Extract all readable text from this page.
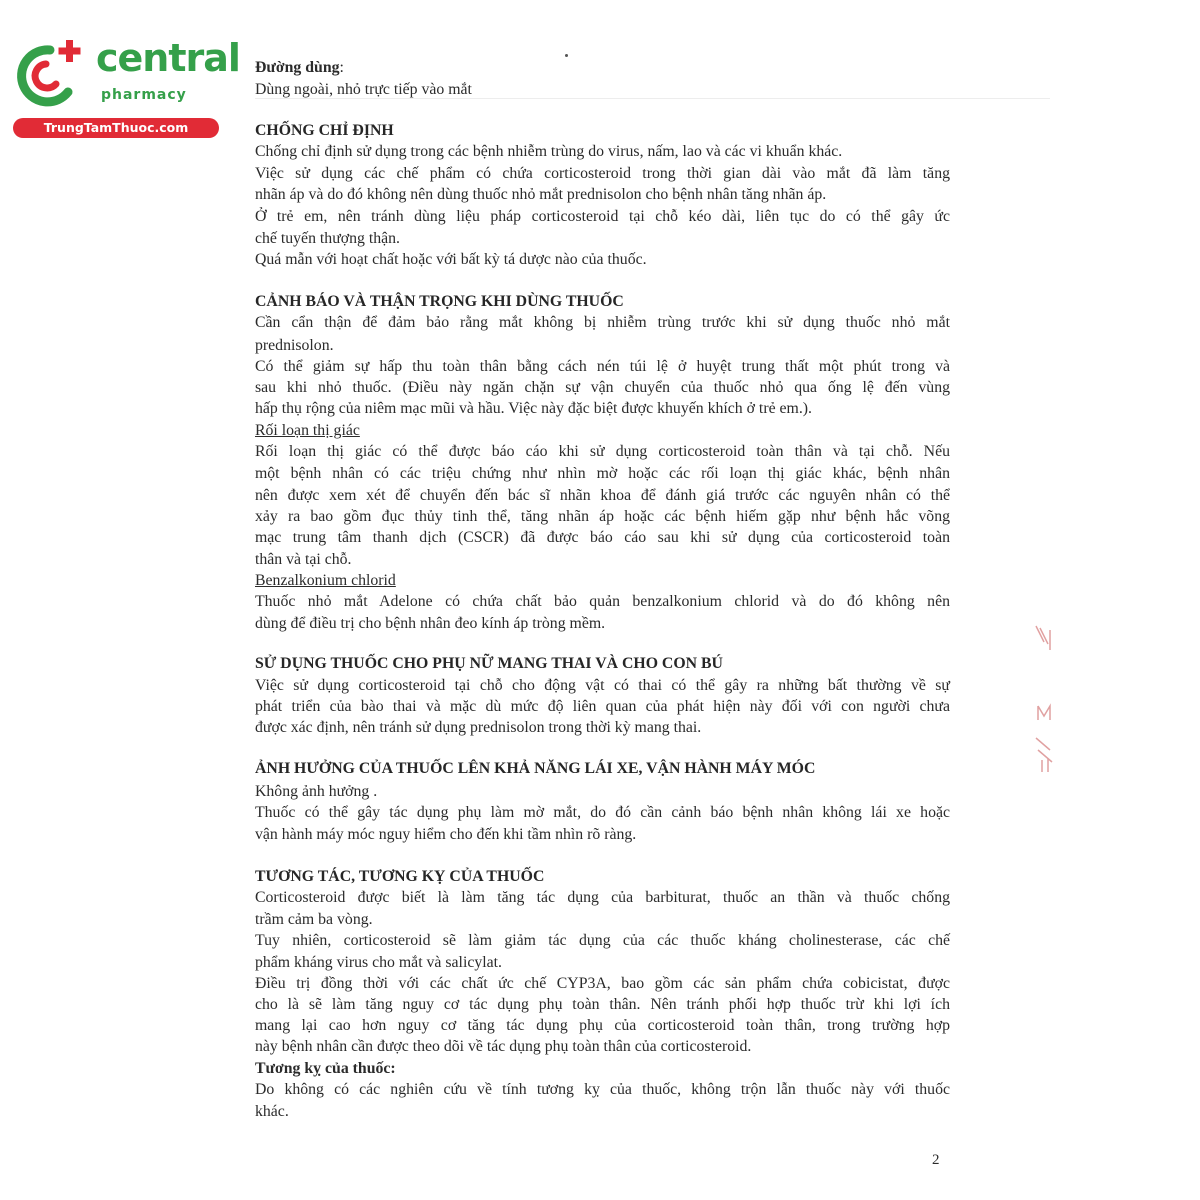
central
pharmacy
TrungTamThuoc.com
Đường dùng:
Dùng ngoài, nhỏ trực tiếp vào mắt
CHỐNG CHỈ ĐỊNH
Chống chỉ định sử dụng trong các bệnh nhiễm trùng do virus, nấm, lao và các vi khuẩn khác.
Việc sử dụng các chế phẩm có chứa corticosteroid trong thời gian dài vào mắt đã làm tăng
nhãn áp và do đó không nên dùng thuốc nhỏ mắt prednisolon cho bệnh nhân tăng nhãn áp.
Ở trẻ em, nên tránh dùng liệu pháp corticosteroid tại chỗ kéo dài, liên tục do có thể gây ức
chế tuyến thượng thận.
Quá mẫn với hoạt chất hoặc với bất kỳ tá dược nào của thuốc.
CẢNH BÁO VÀ THẬN TRỌNG KHI DÙNG THUỐC
Cần cẩn thận để đảm bảo rằng mắt không bị nhiễm trùng trước khi sử dụng thuốc nhỏ mắt
prednisolon.
Có thể giảm sự hấp thu toàn thân bằng cách nén túi lệ ở huyệt trung thất một phút trong và
sau khi nhỏ thuốc. (Điều này ngăn chặn sự vận chuyển của thuốc nhỏ qua ống lệ đến vùng
hấp thụ rộng của niêm mạc mũi và hầu. Việc này đặc biệt được khuyến khích ở trẻ em.).
Rối loạn thị giác
Rối loạn thị giác có thể được báo cáo khi sử dụng corticosteroid toàn thân và tại chỗ. Nếu
một bệnh nhân có các triệu chứng như nhìn mờ hoặc các rối loạn thị giác khác, bệnh nhân
nên được xem xét để chuyển đến bác sĩ nhãn khoa để đánh giá trước các nguyên nhân có thể
xảy ra bao gồm đục thủy tinh thể, tăng nhãn áp hoặc các bệnh hiếm gặp như bệnh hắc võng
mạc trung tâm thanh dịch (CSCR) đã được báo cáo sau khi sử dụng của corticosteroid toàn
thân và tại chỗ.
Benzalkonium chlorid
Thuốc nhỏ mắt Adelone có chứa chất bảo quản benzalkonium chlorid và do đó không nên
dùng để điều trị cho bệnh nhân đeo kính áp tròng mềm.
SỬ DỤNG THUỐC CHO PHỤ NỮ MANG THAI VÀ CHO CON BÚ
Việc sử dụng corticosteroid tại chỗ cho động vật có thai có thể gây ra những bất thường về sự
phát triển của bào thai và mặc dù mức độ liên quan của phát hiện này đối với con người chưa
được xác định, nên tránh sử dụng prednisolon trong thời kỳ mang thai.
ẢNH HƯỞNG CỦA THUỐC LÊN KHẢ NĂNG LÁI XE, VẬN HÀNH MÁY MÓC
Không ảnh hưởng .
Thuốc có thể gây tác dụng phụ làm mờ mắt, do đó cần cảnh báo bệnh nhân không lái xe hoặc
vận hành máy móc nguy hiểm cho đến khi tầm nhìn rõ ràng.
TƯƠNG TÁC, TƯƠNG KỴ CỦA THUỐC
Corticosteroid được biết là làm tăng tác dụng của barbiturat, thuốc an thần và thuốc chống
trầm cảm ba vòng.
Tuy nhiên, corticosteroid sẽ làm giảm tác dụng của các thuốc kháng cholinesterase, các chế
phẩm kháng virus cho mắt và salicylat.
Điều trị đồng thời với các chất ức chế CYP3A, bao gồm các sản phẩm chứa cobicistat, được
cho là sẽ làm tăng nguy cơ tác dụng phụ toàn thân. Nên tránh phối hợp thuốc trừ khi lợi ích
mang lại cao hơn nguy cơ tăng tác dụng phụ của corticosteroid toàn thân, trong trường hợp
này bệnh nhân cần được theo dõi về tác dụng phụ toàn thân của corticosteroid.
Tương kỵ của thuốc:
Do không có các nghiên cứu về tính tương kỵ của thuốc, không trộn lẫn thuốc này với thuốc
khác.
2
